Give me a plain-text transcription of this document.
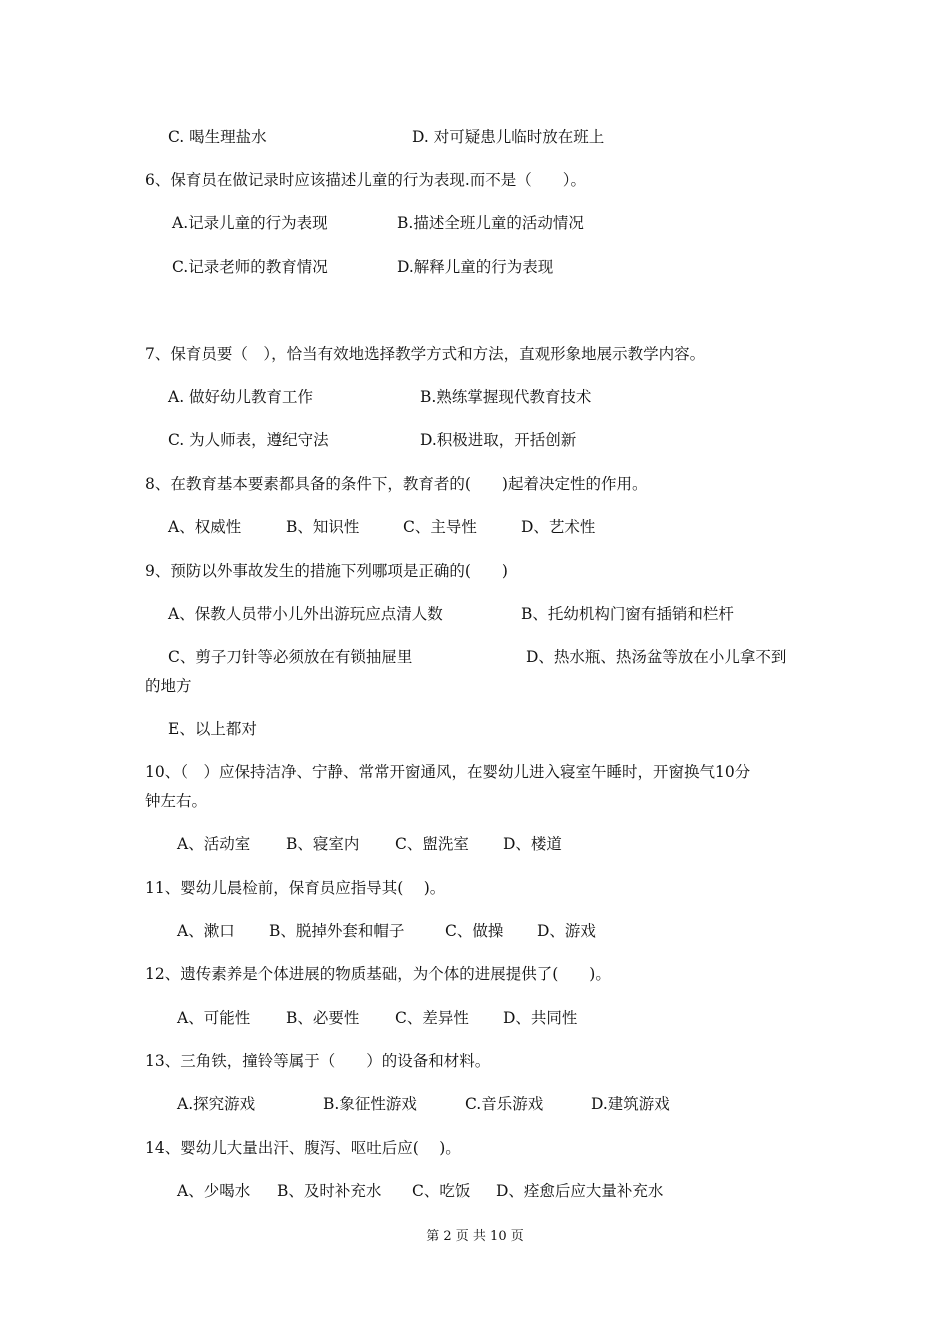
C. 喝生理盐水	D. 对可疑患儿临时放在班上
6、保育员在做记录时应该描述儿童的行为表现.而不是（　　）。
A.记录儿童的行为表现	B.描述全班儿童的活动情况
C.记录老师的教育情况	D.解释儿童的行为表现
7、保育员要（　），恰当有效地选择教学方式和方法，直观形象地展示教学内容。
A. 做好幼儿教育工作	B.熟练掌握现代教育技术
C. 为人师表，遵纪守法	D.积极进取，开括创新
8、在教育基本要素都具备的条件下，教育者的(　　)起着决定性的作用。
A、权威性	B、知识性	C、主导性	D、艺术性
9、预防以外事故发生的措施下列哪项是正确的(　　)
A、保教人员带小儿外出游玩应点清人数	B、托幼机构门窗有插销和栏杆
C、剪子刀针等必须放在有锁抽屉里	D、热水瓶、热汤盆等放在小儿拿不到
的地方
E、以上都对
10、（　）应保持洁净、宁静、常常开窗通风，在婴幼儿进入寝室午睡时，开窗换气10分
钟左右。
A、活动室 B、寝室内 C、盥洗室 D、楼道
11、婴幼儿晨检前，保育员应指导其(　 )。
A、漱口 B、脱掉外套和帽子	C、做操 D、游戏
12、遗传素养是个体进展的物质基础，为个体的进展提供了(　　)。
A、可能性 B、必要性 C、差异性 D、共同性
13、三角铁，撞铃等属于（　　）的设备和材料。
A.探究游戏	B.象征性游戏	C.音乐游戏	D.建筑游戏
14、婴幼儿大量出汗、腹泻、呕吐后应(　 )。
A、少喝水 B、及时补充水 C、吃饭 D、痊愈后应大量补充水
第 2 页 共 10 页
